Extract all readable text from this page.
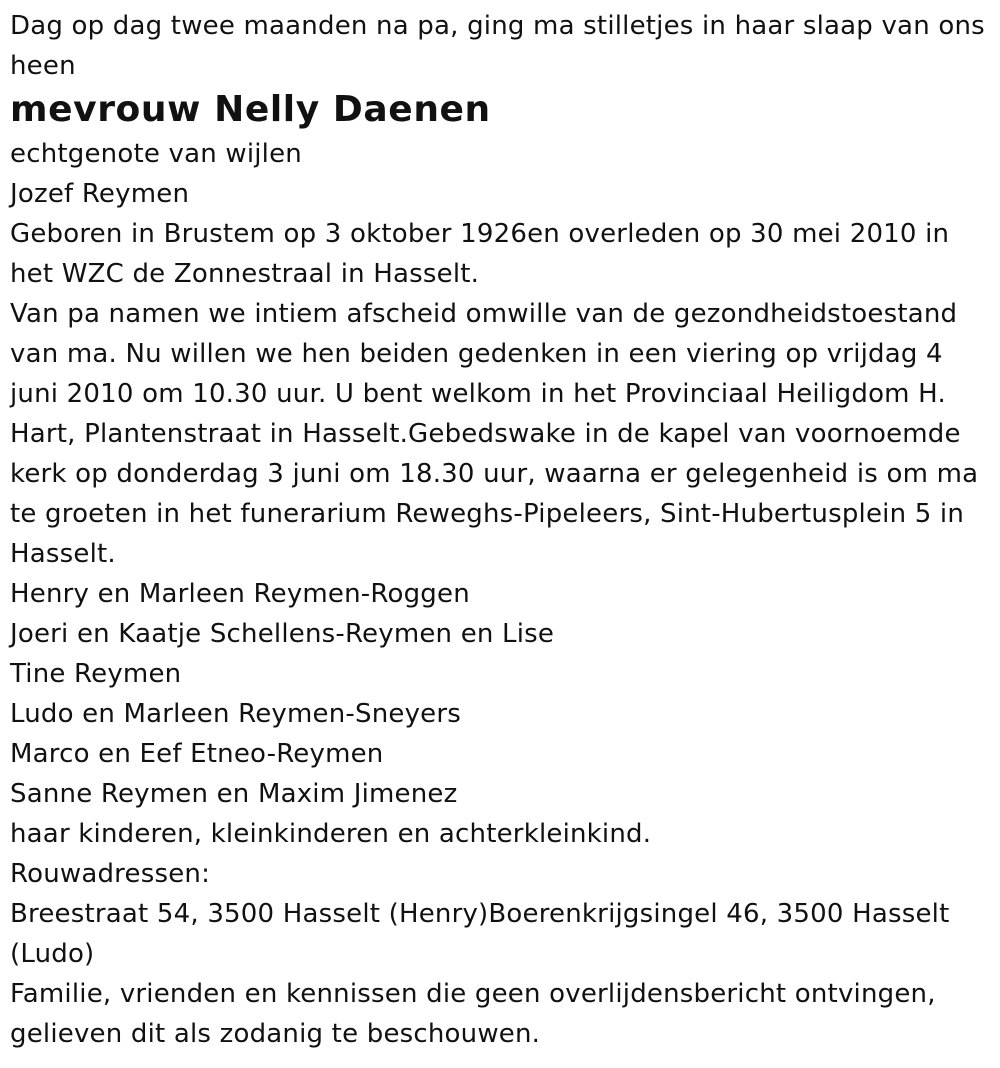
Dag op dag twee maanden na pa, ging ma stilletjes in haar slaap van ons heen

mevrouw Nelly Daenen

echtgenote van wijlen

Jozef Reymen

Geboren in Brustem op 3 oktober 1926en overleden op 30 mei 2010 in het WZC de Zonnestraal in Hasselt.

Van pa namen we intiem afscheid omwille van de gezondheidstoestand van ma. Nu willen we hen beiden gedenken in een viering op vrijdag 4 juni 2010 om 10.30 uur. U bent welkom in het Provinciaal Heiligdom H. Hart, Plantenstraat in Hasselt.Gebedswake in de kapel van voornoemde kerk op donderdag 3 juni om 18.30 uur, waarna er gelegenheid is om ma te groeten in het funerarium Reweghs-Pipeleers, Sint-Hubertusplein 5 in Hasselt.

Henry en Marleen Reymen-Roggen

Joeri en Kaatje Schellens-Reymen en Lise

Tine Reymen

Ludo en Marleen Reymen-Sneyers

Marco en Eef Etneo-Reymen

Sanne Reymen en Maxim Jimenez

haar kinderen, kleinkinderen en achterkleinkind.

Rouwadressen:

Breestraat 54, 3500 Hasselt (Henry)Boerenkrijgsingel 46, 3500 Hasselt (Ludo)

Familie, vrienden en kennissen die geen overlijdensbericht ontvingen, gelieven dit als zodanig te beschouwen.
